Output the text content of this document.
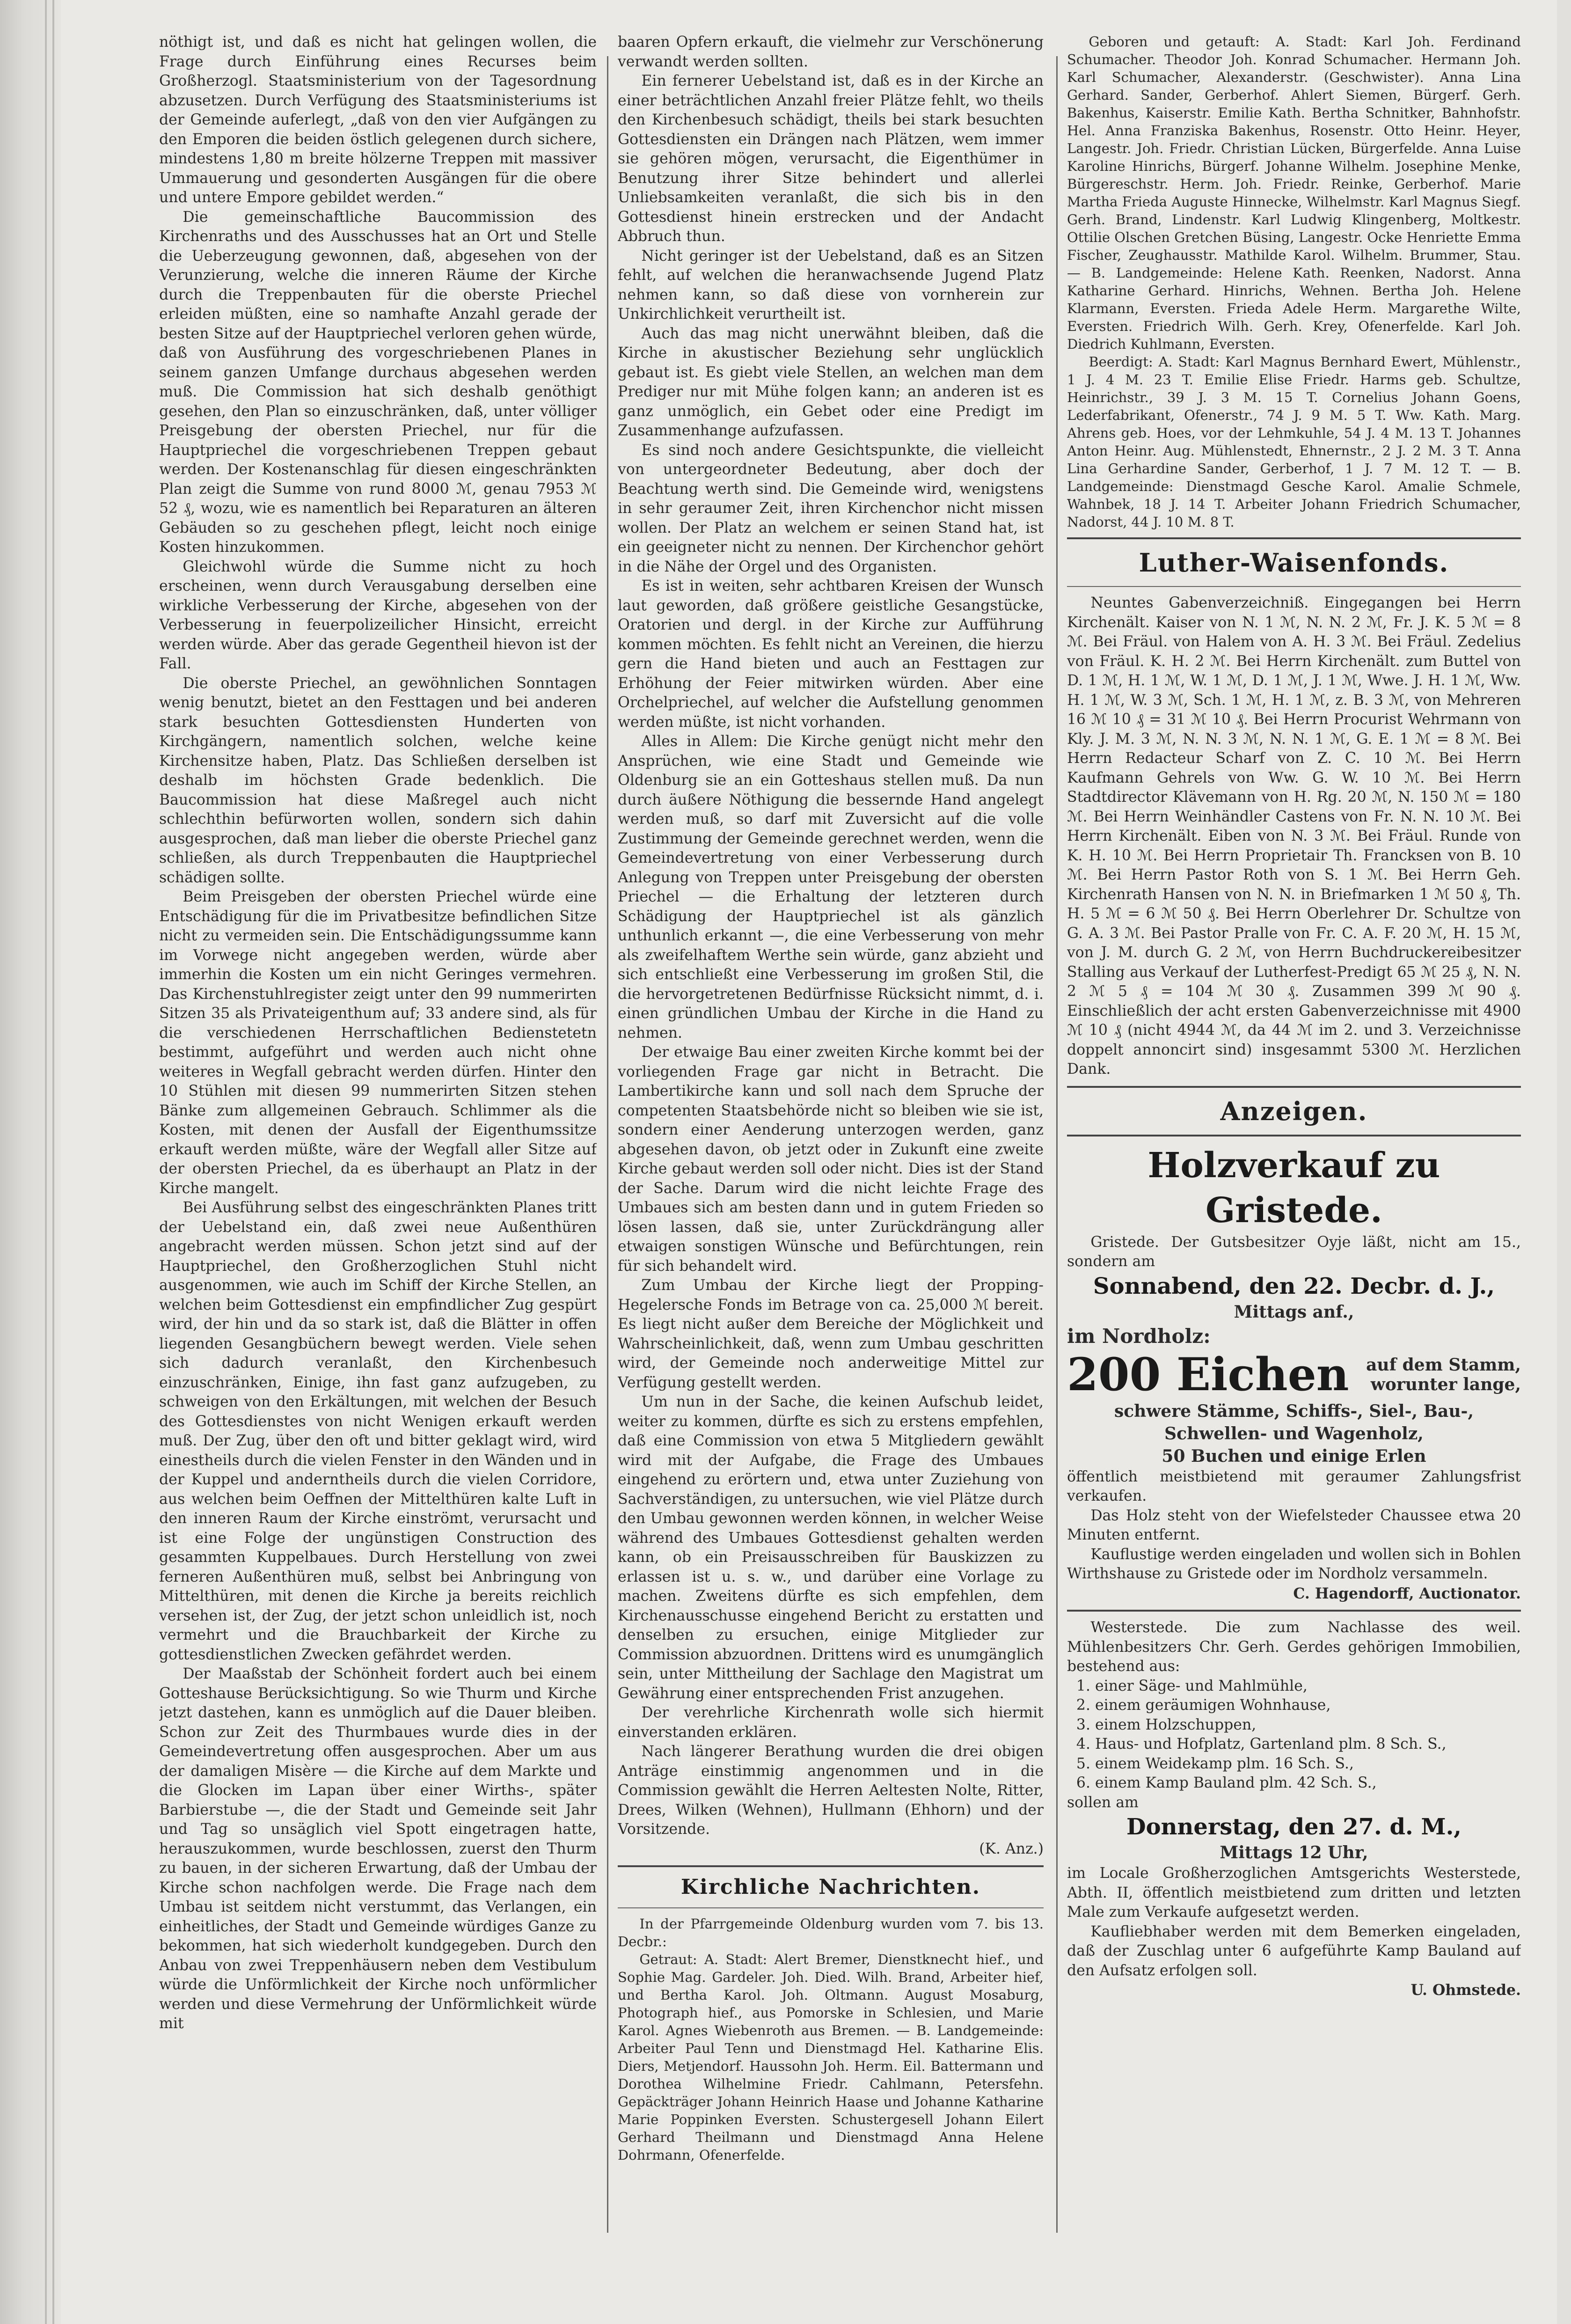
nöthigt ist, und daß es nicht hat gelingen wollen, die Frage durch Einführung eines Recurses beim Großherzogl. Staatsministerium von der Tagesordnung abzusetzen. Durch Verfügung des Staatsministeriums ist der Gemeinde auferlegt, „daß von den vier Aufgängen zu den Emporen die beiden östlich gelegenen durch sichere, mindestens 1,80 m breite hölzerne Treppen mit massiver Ummauerung und gesonderten Ausgängen für die obere und untere Empore gebildet werden.“

Die gemeinschaftliche Baucommission des Kirchenraths und des Ausschusses hat an Ort und Stelle die Ueberzeugung gewonnen, daß, abgesehen von der Verunzierung, welche die inneren Räume der Kirche durch die Treppenbauten für die oberste Priechel erleiden müßten, eine so namhafte Anzahl gerade der besten Sitze auf der Hauptpriechel verloren gehen würde, daß von Ausführung des vorgeschriebenen Planes in seinem ganzen Umfange durchaus abgesehen werden muß. Die Commission hat sich deshalb genöthigt gesehen, den Plan so einzuschränken, daß, unter völliger Preisgebung der obersten Priechel, nur für die Hauptpriechel die vorgeschriebenen Treppen gebaut werden. Der Kostenanschlag für diesen eingeschränkten Plan zeigt die Summe von rund 8000 ℳ, genau 7953 ℳ 52 ₰, wozu, wie es namentlich bei Reparaturen an älteren Gebäuden so zu geschehen pflegt, leicht noch einige Kosten hinzukommen.

Gleichwohl würde die Summe nicht zu hoch erscheinen, wenn durch Verausgabung derselben eine wirkliche Verbesserung der Kirche, abgesehen von der Verbesserung in feuerpolizeilicher Hinsicht, erreicht werden würde. Aber das gerade Gegentheil hievon ist der Fall.

Die oberste Priechel, an gewöhnlichen Sonntagen wenig benutzt, bietet an den Festtagen und bei anderen stark besuchten Gottesdiensten Hunderten von Kirchgängern, namentlich solchen, welche keine Kirchensitze haben, Platz. Das Schließen derselben ist deshalb im höchsten Grade bedenklich. Die Baucommission hat diese Maßregel auch nicht schlechthin befürworten wollen, sondern sich dahin ausgesprochen, daß man lieber die oberste Priechel ganz schließen, als durch Treppenbauten die Hauptpriechel schädigen sollte.

Beim Preisgeben der obersten Priechel würde eine Entschädigung für die im Privatbesitze befindlichen Sitze nicht zu vermeiden sein. Die Entschädigungssumme kann im Vorwege nicht angegeben werden, würde aber immerhin die Kosten um ein nicht Geringes vermehren. Das Kirchenstuhlregister zeigt unter den 99 nummerirten Sitzen 35 als Privateigenthum auf; 33 andere sind, als für die verschiedenen Herrschaftlichen Bedienstetetn bestimmt, aufgeführt und werden auch nicht ohne weiteres in Wegfall gebracht werden dürfen. Hinter den 10 Stühlen mit diesen 99 nummerirten Sitzen stehen Bänke zum allgemeinen Gebrauch. Schlimmer als die Kosten, mit denen der Ausfall der Eigenthumssitze erkauft werden müßte, wäre der Wegfall aller Sitze auf der obersten Priechel, da es überhaupt an Platz in der Kirche mangelt.

Bei Ausführung selbst des eingeschränkten Planes tritt der Uebelstand ein, daß zwei neue Außenthüren angebracht werden müssen. Schon jetzt sind auf der Hauptpriechel, den Großherzoglichen Stuhl nicht ausgenommen, wie auch im Schiff der Kirche Stellen, an welchen beim Gottesdienst ein empfindlicher Zug gespürt wird, der hin und da so stark ist, daß die Blätter in offen liegenden Gesangbüchern bewegt werden. Viele sehen sich dadurch veranlaßt, den Kirchenbesuch einzuschränken, Einige, ihn fast ganz aufzugeben, zu schweigen von den Erkältungen, mit welchen der Besuch des Gottesdienstes von nicht Wenigen erkauft werden muß. Der Zug, über den oft und bitter geklagt wird, wird einestheils durch die vielen Fenster in den Wänden und in der Kuppel und anderntheils durch die vielen Corridore, aus welchen beim Oeffnen der Mittelthüren kalte Luft in den inneren Raum der Kirche einströmt, verursacht und ist eine Folge der ungünstigen Construction des gesammten Kuppelbaues. Durch Herstellung von zwei ferneren Außenthüren muß, selbst bei Anbringung von Mittelthüren, mit denen die Kirche ja bereits reichlich versehen ist, der Zug, der jetzt schon unleidlich ist, noch vermehrt und die Brauchbarkeit der Kirche zu gottesdienstlichen Zwecken gefährdet werden.

Der Maaßstab der Schönheit fordert auch bei einem Gotteshause Berücksichtigung. So wie Thurm und Kirche jetzt dastehen, kann es unmöglich auf die Dauer bleiben. Schon zur Zeit des Thurmbaues wurde dies in der Gemeindevertretung offen ausgesprochen. Aber um aus der damaligen Misère — die Kirche auf dem Markte und die Glocken im Lapan über einer Wirths-, später Barbierstube —, die der Stadt und Gemeinde seit Jahr und Tag so unsäglich viel Spott eingetragen hatte, herauszukommen, wurde beschlossen, zuerst den Thurm zu bauen, in der sicheren Erwartung, daß der Umbau der Kirche schon nachfolgen werde. Die Frage nach dem Umbau ist seitdem nicht verstummt, das Verlangen, ein einheitliches, der Stadt und Gemeinde würdiges Ganze zu bekommen, hat sich wiederholt kundgegeben. Durch den Anbau von zwei Treppenhäusern neben dem Vestibulum würde die Unförmlichkeit der Kirche noch unförmlicher werden und diese Vermehrung der Unförmlichkeit würde mit

baaren Opfern erkauft, die vielmehr zur Verschönerung verwandt werden sollten.

Ein fernerer Uebelstand ist, daß es in der Kirche an einer beträchtlichen Anzahl freier Plätze fehlt, wo theils den Kirchenbesuch schädigt, theils bei stark besuchten Gottesdiensten ein Drängen nach Plätzen, wem immer sie gehören mögen, verursacht, die Eigenthümer in Benutzung ihrer Sitze behindert und allerlei Unliebsamkeiten veranlaßt, die sich bis in den Gottesdienst hinein erstrecken und der Andacht Abbruch thun.

Nicht geringer ist der Uebelstand, daß es an Sitzen fehlt, auf welchen die heranwachsende Jugend Platz nehmen kann, so daß diese von vornherein zur Unkirchlichkeit verurtheilt ist.

Auch das mag nicht unerwähnt bleiben, daß die Kirche in akustischer Beziehung sehr unglücklich gebaut ist. Es giebt viele Stellen, an welchen man dem Prediger nur mit Mühe folgen kann; an anderen ist es ganz unmöglich, ein Gebet oder eine Predigt im Zusammenhange aufzufassen.

Es sind noch andere Gesichtspunkte, die vielleicht von untergeordneter Bedeutung, aber doch der Beachtung werth sind. Die Gemeinde wird, wenigstens in sehr geraumer Zeit, ihren Kirchenchor nicht missen wollen. Der Platz an welchem er seinen Stand hat, ist ein geeigneter nicht zu nennen. Der Kirchenchor gehört in die Nähe der Orgel und des Organisten.

Es ist in weiten, sehr achtbaren Kreisen der Wunsch laut geworden, daß größere geistliche Gesangstücke, Oratorien und dergl. in der Kirche zur Aufführung kommen möchten. Es fehlt nicht an Vereinen, die hierzu gern die Hand bieten und auch an Festtagen zur Erhöhung der Feier mitwirken würden. Aber eine Orchelpriechel, auf welcher die Aufstellung genommen werden müßte, ist nicht vorhanden.

Alles in Allem: Die Kirche genügt nicht mehr den Ansprüchen, wie eine Stadt und Gemeinde wie Oldenburg sie an ein Gotteshaus stellen muß. Da nun durch äußere Nöthigung die bessernde Hand angelegt werden muß, so darf mit Zuversicht auf die volle Zustimmung der Gemeinde gerechnet werden, wenn die Gemeindevertretung von einer Verbesserung durch Anlegung von Treppen unter Preisgebung der obersten Priechel — die Erhaltung der letzteren durch Schädigung der Hauptpriechel ist als gänzlich unthunlich erkannt —, die eine Verbesserung von mehr als zweifelhaftem Werthe sein würde, ganz abzieht und sich entschließt eine Verbesserung im großen Stil, die die hervorgetretenen Bedürfnisse Rücksicht nimmt, d. i. einen gründlichen Umbau der Kirche in die Hand zu nehmen.

Der etwaige Bau einer zweiten Kirche kommt bei der vorliegenden Frage gar nicht in Betracht. Die Lambertikirche kann und soll nach dem Spruche der competenten Staatsbehörde nicht so bleiben wie sie ist, sondern einer Aenderung unterzogen werden, ganz abgesehen davon, ob jetzt oder in Zukunft eine zweite Kirche gebaut werden soll oder nicht. Dies ist der Stand der Sache. Darum wird die nicht leichte Frage des Umbaues sich am besten dann und in gutem Frieden so lösen lassen, daß sie, unter Zurückdrängung aller etwaigen sonstigen Wünsche und Befürchtungen, rein für sich behandelt wird.

Zum Umbau der Kirche liegt der Propping-Hegelersche Fonds im Betrage von ca. 25,000 ℳ bereit. Es liegt nicht außer dem Bereiche der Möglichkeit und Wahrscheinlichkeit, daß, wenn zum Umbau geschritten wird, der Gemeinde noch anderweitige Mittel zur Verfügung gestellt werden.

Um nun in der Sache, die keinen Aufschub leidet, weiter zu kommen, dürfte es sich zu erstens empfehlen, daß eine Commission von etwa 5 Mitgliedern gewählt wird mit der Aufgabe, die Frage des Umbaues eingehend zu erörtern und, etwa unter Zuziehung von Sachverständigen, zu untersuchen, wie viel Plätze durch den Umbau gewonnen werden können, in welcher Weise während des Umbaues Gottesdienst gehalten werden kann, ob ein Preisausschreiben für Bauskizzen zu erlassen ist u. s. w., und darüber eine Vorlage zu machen. Zweitens dürfte es sich empfehlen, dem Kirchenausschusse eingehend Bericht zu erstatten und denselben zu ersuchen, einige Mitglieder zur Commission abzuordnen. Drittens wird es unumgänglich sein, unter Mittheilung der Sachlage den Magistrat um Gewährung einer entsprechenden Frist anzugehen.

Der verehrliche Kirchenrath wolle sich hiermit einverstanden erklären.

Nach längerer Berathung wurden die drei obigen Anträge einstimmig angenommen und in die Commission gewählt die Herren Aeltesten Nolte, Ritter, Drees, Wilken (Wehnen), Hullmann (Ehhorn) und der Vorsitzende.

(K. Anz.)
Kirchliche Nachrichten.

In der Pfarrgemeinde Oldenburg wurden vom 7. bis 13. Decbr.:

Getraut: A. Stadt: Alert Bremer, Dienstknecht hief., und Sophie Mag. Gardeler. Joh. Died. Wilh. Brand, Arbeiter hief, und Bertha Karol. Joh. Oltmann. August Mosaburg, Photograph hief., aus Pomorske in Schlesien, und Marie Karol. Agnes Wiebenroth aus Bremen. — B. Landgemeinde: Arbeiter Paul Tenn und Dienstmagd Hel. Katharine Elis. Diers, Metjendorf. Haussohn Joh. Herm. Eil. Battermann und Dorothea Wilhelmine Friedr. Cahlmann, Petersfehn. Gepäckträger Johann Heinrich Haase und Johanne Katharine Marie Poppinken Eversten. Schustergesell Johann Eilert Gerhard Theilmann und Dienstmagd Anna Helene Dohrmann, Ofenerfelde.

Geboren und getauft: A. Stadt: Karl Joh. Ferdinand Schumacher. Theodor Joh. Konrad Schumacher. Hermann Joh. Karl Schumacher, Alexanderstr. (Geschwister). Anna Lina Gerhard. Sander, Gerberhof. Ahlert Siemen, Bürgerf. Gerh. Bakenhus, Kaiserstr. Emilie Kath. Bertha Schnitker, Bahnhofstr. Hel. Anna Franziska Bakenhus, Rosenstr. Otto Heinr. Heyer, Langestr. Joh. Friedr. Christian Lücken, Bürgerfelde. Anna Luise Karoline Hinrichs, Bürgerf. Johanne Wilhelm. Josephine Menke, Bürgereschstr. Herm. Joh. Friedr. Reinke, Gerberhof. Marie Martha Frieda Auguste Hinnecke, Wilhelmstr. Karl Magnus Siegf. Gerh. Brand, Lindenstr. Karl Ludwig Klingenberg, Moltkestr. Ottilie Olschen Gretchen Büsing, Langestr. Ocke Henriette Emma Fischer, Zeughausstr. Mathilde Karol. Wilhelm. Brummer, Stau. — B. Landgemeinde: Helene Kath. Reenken, Nadorst. Anna Katharine Gerhard. Hinrichs, Wehnen. Bertha Joh. Helene Klarmann, Eversten. Frieda Adele Herm. Margarethe Wilte, Eversten. Friedrich Wilh. Gerh. Krey, Ofenerfelde. Karl Joh. Diedrich Kuhlmann, Eversten.

Beerdigt: A. Stadt: Karl Magnus Bernhard Ewert, Mühlenstr., 1 J. 4 M. 23 T. Emilie Elise Friedr. Harms geb. Schultze, Heinrichstr., 39 J. 3 M. 15 T. Cornelius Johann Goens, Lederfabrikant, Ofenerstr., 74 J. 9 M. 5 T. Ww. Kath. Marg. Ahrens geb. Hoes, vor der Lehmkuhle, 54 J. 4 M. 13 T. Johannes Anton Heinr. Aug. Mühlenstedt, Ehnernstr., 2 J. 2 M. 3 T. Anna Lina Gerhardine Sander, Gerberhof, 1 J. 7 M. 12 T. — B. Landgemeinde: Dienstmagd Gesche Karol. Amalie Schmele, Wahnbek, 18 J. 14 T. Arbeiter Johann Friedrich Schumacher, Nadorst, 44 J. 10 M. 8 T.

Luther-Waisenfonds.

Neuntes Gabenverzeichniß. Eingegangen bei Herrn Kirchenält. Kaiser von N. 1 ℳ, N. N. 2 ℳ, Fr. J. K. 5 ℳ = 8 ℳ. Bei Fräul. von Halem von A. H. 3 ℳ. Bei Fräul. Zedelius von Fräul. K. H. 2 ℳ. Bei Herrn Kirchenält. zum Buttel von D. 1 ℳ, H. 1 ℳ, W. 1 ℳ, D. 1 ℳ, J. 1 ℳ, Wwe. J. H. 1 ℳ, Ww. H. 1 ℳ, W. 3 ℳ, Sch. 1 ℳ, H. 1 ℳ, z. B. 3 ℳ, von Mehreren 16 ℳ 10 ₰ = 31 ℳ 10 ₰. Bei Herrn Procurist Wehrmann von Kly. J. M. 3 ℳ, N. N. 3 ℳ, N. N. 1 ℳ, G. E. 1 ℳ = 8 ℳ. Bei Herrn Redacteur Scharf von Z. C. 10 ℳ. Bei Herrn Kaufmann Gehrels von Ww. G. W. 10 ℳ. Bei Herrn Stadtdirector Klävemann von H. Rg. 20 ℳ, N. 150 ℳ = 180 ℳ. Bei Herrn Weinhändler Castens von Fr. N. N. 10 ℳ. Bei Herrn Kirchenält. Eiben von N. 3 ℳ. Bei Fräul. Runde von K. H. 10 ℳ. Bei Herrn Proprietair Th. Francksen von B. 10 ℳ. Bei Herrn Pastor Roth von S. 1 ℳ. Bei Herrn Geh. Kirchenrath Hansen von N. N. in Briefmarken 1 ℳ 50 ₰, Th. H. 5 ℳ = 6 ℳ 50 ₰. Bei Herrn Oberlehrer Dr. Schultze von G. A. 3 ℳ. Bei Pastor Pralle von Fr. C. A. F. 20 ℳ, H. 15 ℳ, von J. M. durch G. 2 ℳ, von Herrn Buchdruckereibesitzer Stalling aus Verkauf der Lutherfest-Predigt 65 ℳ 25 ₰, N. N. 2 ℳ 5 ₰ = 104 ℳ 30 ₰. Zusammen 399 ℳ 90 ₰. Einschließlich der acht ersten Gabenverzeichnisse mit 4900 ℳ 10 ₰ (nicht 4944 ℳ, da 44 ℳ im 2. und 3. Verzeichnisse doppelt annoncirt sind) insgesammt 5300 ℳ. Herzlichen Dank.

Anzeigen.
Holzverkauf zu Gristede.

Gristede. Der Gutsbesitzer Oyje läßt, nicht am 15., sondern am

Sonnabend, den 22. Decbr. d. J.,
Mittags anf.,
im Nordholz:
200 Eichen auf dem Stamm, worunter lange,
schwere Stämme, Schiffs-, Siel-, Bau-, Schwellen- und Wagenholz,
50 Buchen und einige Erlen

öffentlich meistbietend mit geraumer Zahlungsfrist verkaufen.

Das Holz steht von der Wiefelsteder Chaussee etwa 20 Minuten entfernt.

Kauflustige werden eingeladen und wollen sich in Bohlen Wirthshause zu Gristede oder im Nordholz versammeln.

C. Hagendorff, Auctionator.

Westerstede. Die zum Nachlasse des weil. Mühlenbesitzers Chr. Gerh. Gerdes gehörigen Immobilien, bestehend aus:

1. einer Säge- und Mahlmühle,
2. einem geräumigen Wohnhause,
3. einem Holzschuppen,
4. Haus- und Hofplatz, Gartenland plm. 8 Sch. S.,
5. einem Weidekamp plm. 16 Sch. S.,
6. einem Kamp Bauland plm. 42 Sch. S.,

sollen am

Donnerstag, den 27. d. M.,
Mittags 12 Uhr,

im Locale Großherzoglichen Amtsgerichts Westerstede, Abth. II, öffentlich meistbietend zum dritten und letzten Male zum Verkaufe aufgesetzt werden.

Kaufliebhaber werden mit dem Bemerken eingeladen, daß der Zuschlag unter 6 aufgeführte Kamp Bauland auf den Aufsatz erfolgen soll.

U. Ohmstede.
